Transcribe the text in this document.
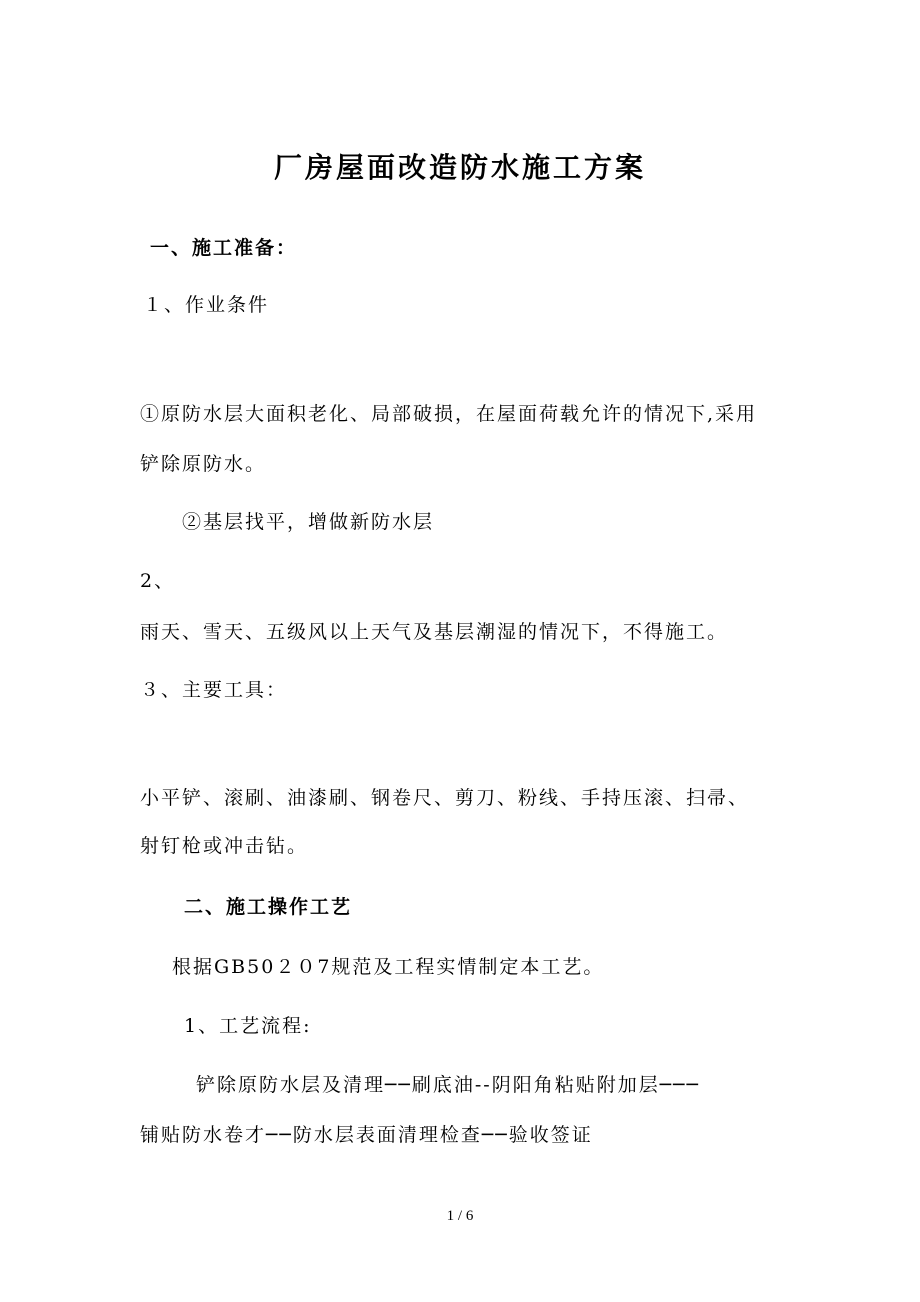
厂房屋面改造防水施工方案
一、施工准备：
１、作业条件
①原防水层大面积老化、局部破损，在屋面荷载允许的情况下,采用
铲除原防水。
②基层找平，增做新防水层
2、
雨天、雪天、五级风以上天气及基层潮湿的情况下，不得施工。
３、主要工具：
小平铲、滚刷、油漆刷、钢卷尺、剪刀、粉线、手持压滚、扫帚、
射钉枪或冲击钻。
二、施工操作工艺
根据GB50２０7规范及工程实情制定本工艺。
1、工艺流程:
铲除原防水层及清理──刷底油--阴阳角粘贴附加层───
铺贴防水卷才──防水层表面清理检查──验收签证
1 / 6
